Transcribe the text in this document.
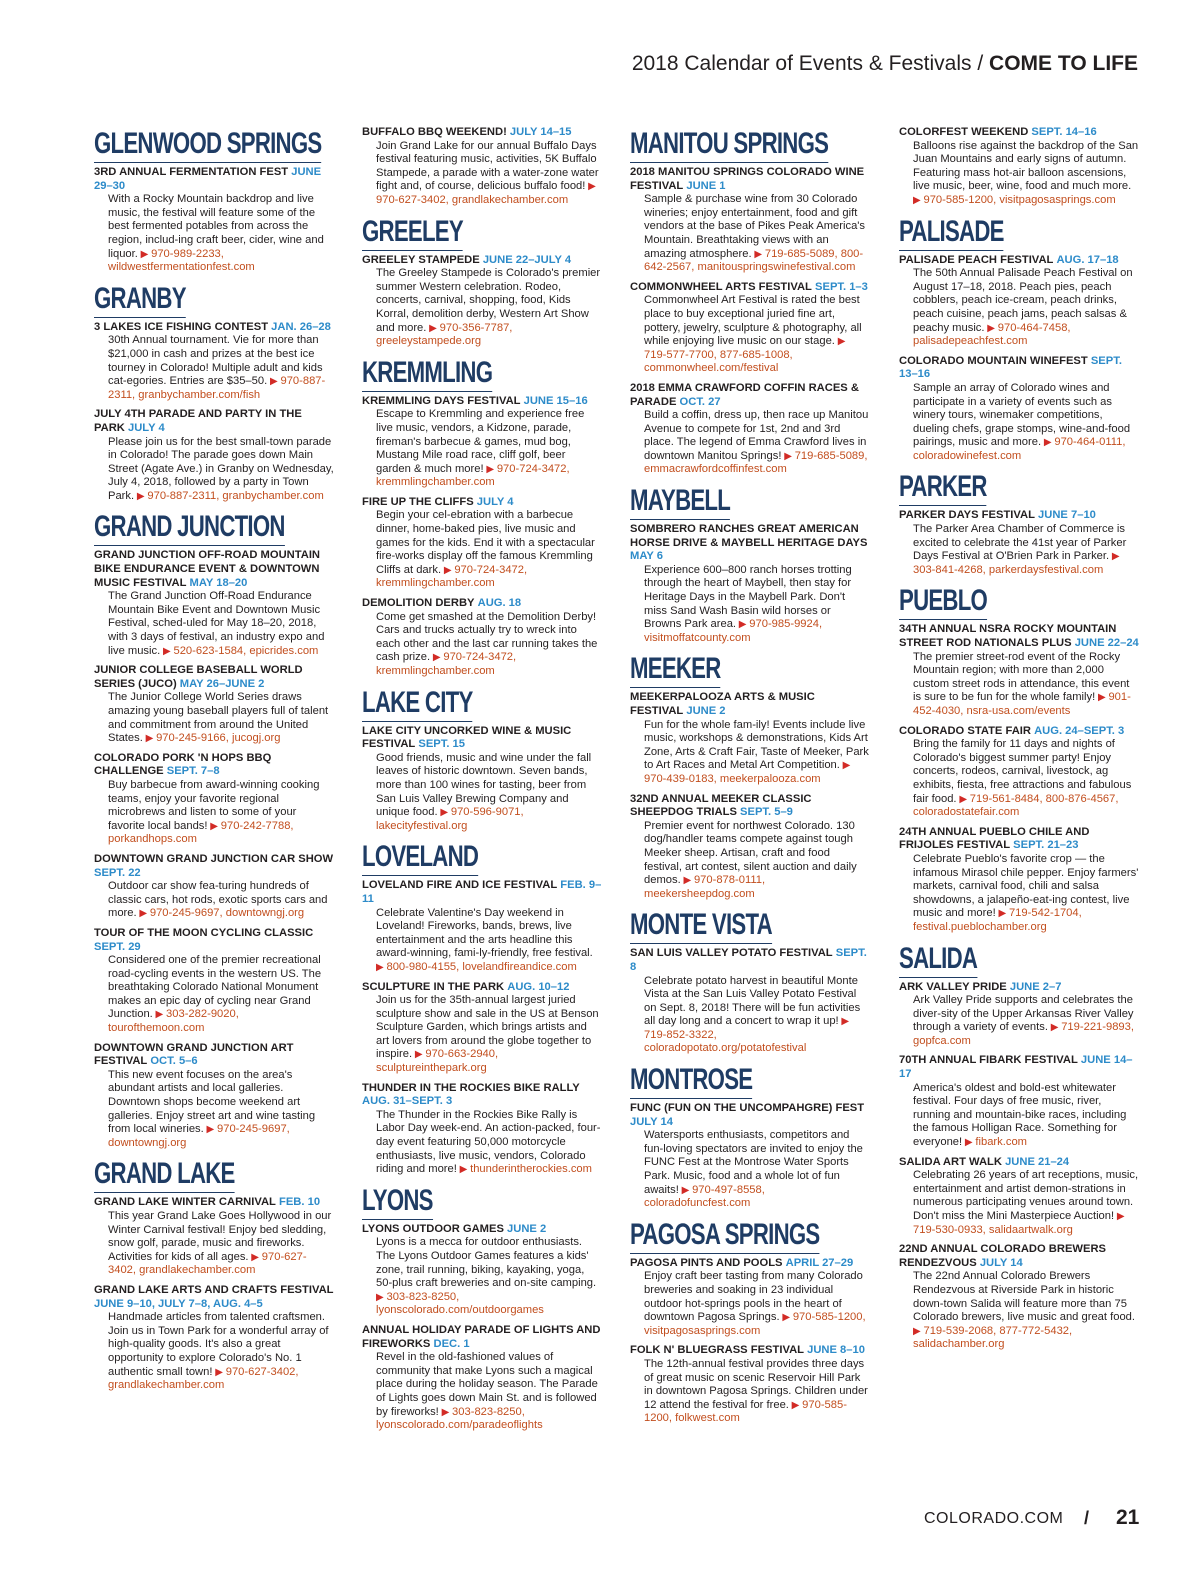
2018 Calendar of Events & Festivals / COME TO LIFE
GLENWOOD SPRINGS
3RD ANNUAL FERMENTATION FEST JUNE 29–30
With a Rocky Mountain backdrop and live music, the festival will feature some of the best fermented potables from across the region, includ-ing craft beer, cider, wine and liquor. ▶ 970-989-2233, wildwestfermentationfest.com
GRANBY
3 LAKES ICE FISHING CONTEST JAN. 26–28
30th Annual tournament. Vie for more than $21,000 in cash and prizes at the best ice tourney in Colorado! Multiple adult and kids cat-egories. Entries are $35–50. ▶ 970-887-2311, granbychamber.com/fish
JULY 4TH PARADE AND PARTY IN THE PARK JULY 4
Please join us for the best small-town parade in Colorado! The parade goes down Main Street (Agate Ave.) in Granby on Wednesday, July 4, 2018, followed by a party in Town Park. ▶ 970-887-2311, granbychamber.com
GRAND JUNCTION
GRAND JUNCTION OFF-ROAD MOUNTAIN BIKE ENDURANCE EVENT & DOWNTOWN MUSIC FESTIVAL MAY 18–20
The Grand Junction Off-Road Endurance Mountain Bike Event and Downtown Music Festival, sched-uled for May 18–20, 2018, with 3 days of festival, an industry expo and live music. ▶ 520-623-1584, epicrides.com
JUNIOR COLLEGE BASEBALL WORLD SERIES (JUCO) MAY 26–JUNE 2
The Junior College World Series draws amazing young baseball players full of talent and commitment from around the United States. ▶ 970-245-9166, jucogj.org
COLORADO PORK 'N HOPS BBQ CHALLENGE SEPT. 7–8
Buy barbecue from award-winning cooking teams, enjoy your favorite regional microbrews and listen to some of your favorite local bands! ▶ 970-242-7788, porkandhops.com
DOWNTOWN GRAND JUNCTION CAR SHOW SEPT. 22
Outdoor car show fea-turing hundreds of classic cars, hot rods, exotic sports cars and more. ▶ 970-245-9697, downtowngj.org
TOUR OF THE MOON CYCLING CLASSIC SEPT. 29
Considered one of the premier recreational road-cycling events in the western US. The breathtaking Colorado National Monument makes an epic day of cycling near Grand Junction. ▶ 303-282-9020, tourofthemoon.com
DOWNTOWN GRAND JUNCTION ART FESTIVAL OCT. 5–6
This new event focuses on the area's abundant artists and local galleries. Downtown shops become weekend art galleries. Enjoy street art and wine tasting from local wineries. ▶ 970-245-9697, downtowngj.org
GRAND LAKE
GRAND LAKE WINTER CARNIVAL FEB. 10
This year Grand Lake Goes Hollywood in our Winter Carnival festival! Enjoy bed sledding, snow golf, parade, music and fireworks. Activities for kids of all ages. ▶ 970-627-3402, grandlakechamber.com
GRAND LAKE ARTS AND CRAFTS FESTIVAL JUNE 9–10, JULY 7–8, AUG. 4–5
Handmade articles from talented craftsmen. Join us in Town Park for a wonderful array of high-quality goods. It's also a great opportunity to explore Colorado's No. 1 authentic small town! ▶ 970-627-3402, grandlakechamber.com
BUFFALO BBQ WEEKEND! JULY 14–15
Join Grand Lake for our annual Buffalo Days festival featuring music, activities, 5K Buffalo Stampede, a parade with a water-zone water fight and, of course, delicious buffalo food! ▶ 970-627-3402, grandlakechamber.com
GREELEY
GREELEY STAMPEDE JUNE 22–JULY 4
The Greeley Stampede is Colorado's premier summer Western celebration. Rodeo, concerts, carnival, shopping, food, Kids Korral, demolition derby, Western Art Show and more. ▶ 970-356-7787, greeleystampede.org
KREMMLING
KREMMLING DAYS FESTIVAL JUNE 15–16
Escape to Kremmling and experience free live music, vendors, a Kidzone, parade, fireman's barbecue & games, mud bog, Mustang Mile road race, cliff golf, beer garden & much more! ▶ 970-724-3472, kremmlingchamber.com
FIRE UP THE CLIFFS JULY 4
Begin your cel-ebration with a barbecue dinner, home-baked pies, live music and games for the kids. End it with a spectacular fire-works display off the famous Kremmling Cliffs at dark. ▶ 970-724-3472, kremmlingchamber.com
DEMOLITION DERBY AUG. 18
Come get smashed at the Demolition Derby! Cars and trucks actually try to wreck into each other and the last car running takes the cash prize. ▶ 970-724-3472, kremmlingchamber.com
LAKE CITY
LAKE CITY UNCORKED WINE & MUSIC FESTIVAL SEPT. 15
Good friends, music and wine under the fall leaves of historic downtown. Seven bands, more than 100 wines for tasting, beer from San Luis Valley Brewing Company and unique food. ▶ 970-596-9071, lakecityfestival.org
LOVELAND
LOVELAND FIRE AND ICE FESTIVAL FEB. 9–11
Celebrate Valentine's Day weekend in Loveland! Fireworks, bands, brews, live entertainment and the arts headline this award-winning, fami-ly-friendly, free festival. ▶ 800-980-4155, lovelandfireandice.com
SCULPTURE IN THE PARK AUG. 10–12
Join us for the 35th-annual largest juried sculpture show and sale in the US at Benson Sculpture Garden, which brings artists and art lovers from around the globe together to inspire. ▶ 970-663-2940, sculptureinthepark.org
THUNDER IN THE ROCKIES BIKE RALLY AUG. 31–SEPT. 3
The Thunder in the Rockies Bike Rally is Labor Day week-end. An action-packed, four-day event featuring 50,000 motorcycle enthusiasts, live music, vendors, Colorado riding and more! ▶ thunderintherockies.com
LYONS
LYONS OUTDOOR GAMES JUNE 2
Lyons is a mecca for outdoor enthusiasts. The Lyons Outdoor Games features a kids' zone, trail running, biking, kayaking, yoga, 50-plus craft breweries and on-site camping. ▶ 303-823-8250, lyonscolorado.com/outdoorgames
ANNUAL HOLIDAY PARADE OF LIGHTS AND FIREWORKS DEC. 1
Revel in the old-fashioned values of community that make Lyons such a magical place during the holiday season. The Parade of Lights goes down Main St. and is followed by fireworks! ▶ 303-823-8250, lyonscolorado.com/paradeoflights
MANITOU SPRINGS
2018 MANITOU SPRINGS COLORADO WINE FESTIVAL JUNE 1
Sample & purchase wine from 30 Colorado wineries; enjoy entertainment, food and gift vendors at the base of Pikes Peak America's Mountain. Breathtaking views with an amazing atmosphere. ▶ 719-685-5089, 800-642-2567, manitouspringswinefestival.com
COMMONWHEEL ARTS FESTIVAL SEPT. 1–3
Commonwheel Art Festival is rated the best place to buy exceptional juried fine art, pottery, jewelry, sculpture & photography, all while enjoying live music on our stage. ▶ 719-577-7700, 877-685-1008, commonwheel.com/festival
2018 EMMA CRAWFORD COFFIN RACES & PARADE OCT. 27
Build a coffin, dress up, then race up Manitou Avenue to compete for 1st, 2nd and 3rd place. The legend of Emma Crawford lives in downtown Manitou Springs! ▶ 719-685-5089, emmacrawfordcoffinfest.com
MAYBELL
SOMBRERO RANCHES GREAT AMERICAN HORSE DRIVE & MAYBELL HERITAGE DAYS MAY 6
Experience 600–800 ranch horses trotting through the heart of Maybell, then stay for Heritage Days in the Maybell Park. Don't miss Sand Wash Basin wild horses or Browns Park area. ▶ 970-985-9924, visitmoffatcounty.com
MEEKER
MEEKERPALOOZA ARTS & MUSIC FESTIVAL JUNE 2
Fun for the whole fam-ily! Events include live music, workshops & demonstrations, Kids Art Zone, Arts & Craft Fair, Taste of Meeker, Park to Art Races and Metal Art Competition. ▶ 970-439-0183, meekerpalooza.com
32ND ANNUAL MEEKER CLASSIC SHEEPDOG TRIALS SEPT. 5–9
Premier event for northwest Colorado. 130 dog/handler teams compete against tough Meeker sheep. Artisan, craft and food festival, art contest, silent auction and daily demos. ▶ 970-878-0111, meekersheepdog.com
MONTE VISTA
SAN LUIS VALLEY POTATO FESTIVAL SEPT. 8
Celebrate potato harvest in beautiful Monte Vista at the San Luis Valley Potato Festival on Sept. 8, 2018! There will be fun activities all day long and a concert to wrap it up! ▶ 719-852-3322, coloradopotato.org/potatofestival
MONTROSE
FUNC (FUN ON THE UNCOMPAHGRE) FEST JULY 14
Watersports enthusiasts, competitors and fun-loving spectators are invited to enjoy the FUNC Fest at the Montrose Water Sports Park. Music, food and a whole lot of fun awaits! ▶ 970-497-8558, coloradofuncfest.com
PAGOSA SPRINGS
PAGOSA PINTS AND POOLS APRIL 27–29
Enjoy craft beer tasting from many Colorado breweries and soaking in 23 individual outdoor hot-springs pools in the heart of downtown Pagosa Springs. ▶ 970-585-1200, visitpagosasprings.com
FOLK N' BLUEGRASS FESTIVAL JUNE 8–10
The 12th-annual festival provides three days of great music on scenic Reservoir Hill Park in downtown Pagosa Springs. Children under 12 attend the festival for free. ▶ 970-585-1200, folkwest.com
COLORFEST WEEKEND SEPT. 14–16
Balloons rise against the backdrop of the San Juan Mountains and early signs of autumn. Featuring mass hot-air balloon ascensions, live music, beer, wine, food and much more. ▶ 970-585-1200, visitpagosasprings.com
PALISADE
PALISADE PEACH FESTIVAL AUG. 17–18
The 50th Annual Palisade Peach Festival on August 17–18, 2018. Peach pies, peach cobblers, peach ice-cream, peach drinks, peach cuisine, peach jams, peach salsas & peachy music. ▶ 970-464-7458, palisadepeachfest.com
COLORADO MOUNTAIN WINEFEST SEPT. 13–16
Sample an array of Colorado wines and participate in a variety of events such as winery tours, winemaker competitions, dueling chefs, grape stomps, wine-and-food pairings, music and more. ▶ 970-464-0111, coloradowinefest.com
PARKER
PARKER DAYS FESTIVAL JUNE 7–10
The Parker Area Chamber of Commerce is excited to celebrate the 41st year of Parker Days Festival at O'Brien Park in Parker. ▶ 303-841-4268, parkerdaysfestival.com
PUEBLO
34TH ANNUAL NSRA ROCKY MOUNTAIN STREET ROD NATIONALS PLUS JUNE 22–24
The premier street-rod event of the Rocky Mountain region; with more than 2,000 custom street rods in attendance, this event is sure to be fun for the whole family! ▶ 901-452-4030, nsra-usa.com/events
COLORADO STATE FAIR AUG. 24–SEPT. 3
Bring the family for 11 days and nights of Colorado's biggest summer party! Enjoy concerts, rodeos, carnival, livestock, ag exhibits, fiesta, free attractions and fabulous fair food. ▶ 719-561-8484, 800-876-4567, coloradostatefair.com
24TH ANNUAL PUEBLO CHILE AND FRIJOLES FESTIVAL SEPT. 21–23
Celebrate Pueblo's favorite crop — the infamous Mirasol chile pepper. Enjoy farmers' markets, carnival food, chili and salsa showdowns, a jalapeño-eat-ing contest, live music and more! ▶ 719-542-1704, festival.pueblochamber.org
SALIDA
ARK VALLEY PRIDE JUNE 2–7
Ark Valley Pride supports and celebrates the diver-sity of the Upper Arkansas River Valley through a variety of events. ▶ 719-221-9893, gopfca.com
70TH ANNUAL FIBARK FESTIVAL JUNE 14–17
America's oldest and bold-est whitewater festival. Four days of free music, river, running and mountain-bike races, including the famous Holligan Race. Something for everyone! ▶ fibark.com
SALIDA ART WALK JUNE 21–24
Celebrating 26 years of art receptions, music, entertainment and artist demon-strations in numerous participating venues around town. Don't miss the Mini Masterpiece Auction! ▶ 719-530-0933, salidaartwalk.org
22ND ANNUAL COLORADO BREWERS RENDEZVOUS JULY 14
The 22nd Annual Colorado Brewers Rendezvous at Riverside Park in historic down-town Salida will feature more than 75 Colorado brewers, live music and great food. ▶ 719-539-2068, 877-772-5432, salidachamber.org
COLORADO.COM / 21
